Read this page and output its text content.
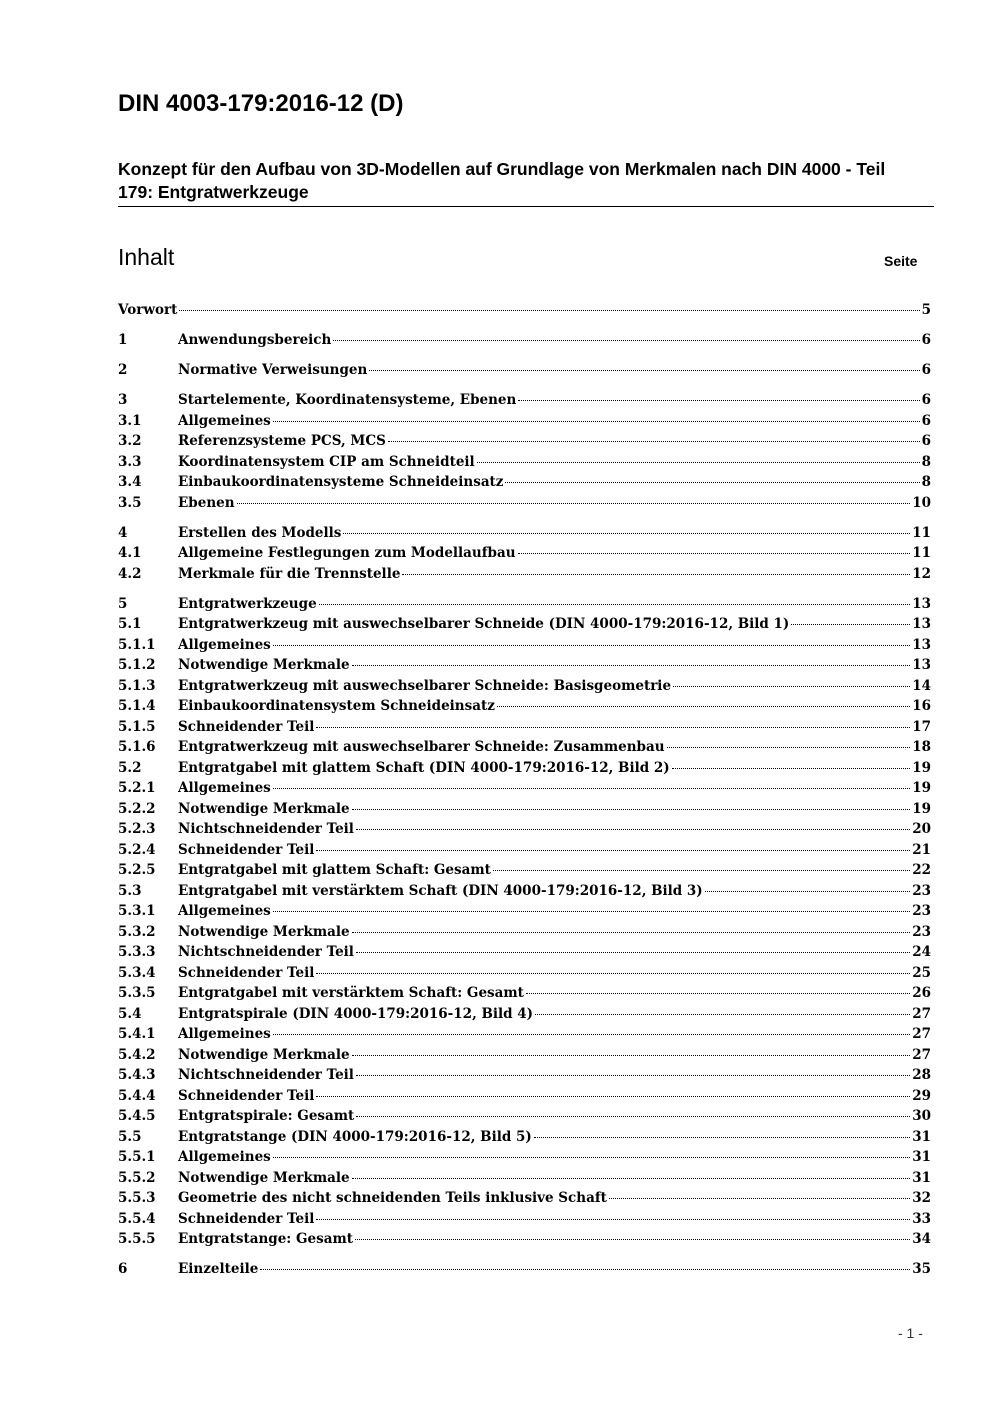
DIN 4003-179:2016-12 (D)
Konzept für den Aufbau von 3D-Modellen auf Grundlage von Merkmalen nach DIN 4000 - Teil 179: Entgratwerkzeuge
Inhalt	Seite
Vorwort	5
1	Anwendungsbereich	6
2	Normative Verweisungen	6
3	Startelemente, Koordinatensysteme, Ebenen	6
3.1	Allgemeines	6
3.2	Referenzsysteme PCS, MCS	6
3.3	Koordinatensystem CIP am Schneidteil	8
3.4	Einbaukoordinatensysteme Schneideinsatz	8
3.5	Ebenen	10
4	Erstellen des Modells	11
4.1	Allgemeine Festlegungen zum Modellaufbau	11
4.2	Merkmale für die Trennstelle	12
5	Entgratwerkzeuge	13
5.1	Entgratwerkzeug mit auswechselbarer Schneide (DIN 4000-179:2016-12, Bild 1)	13
5.1.1	Allgemeines	13
5.1.2	Notwendige Merkmale	13
5.1.3	Entgratwerkzeug mit auswechselbarer Schneide: Basisgeometrie	14
5.1.4	Einbaukoordinatensystem Schneideinsatz	16
5.1.5	Schneidender Teil	17
5.1.6	Entgratwerkzeug mit auswechselbarer Schneide: Zusammenbau	18
5.2	Entgratgabel mit glattem Schaft (DIN 4000-179:2016-12, Bild 2)	19
5.2.1	Allgemeines	19
5.2.2	Notwendige Merkmale	19
5.2.3	Nichtschneidender Teil	20
5.2.4	Schneidender Teil	21
5.2.5	Entgratgabel mit glattem Schaft: Gesamt	22
5.3	Entgratgabel mit verstärktem Schaft (DIN 4000-179:2016-12, Bild 3)	23
5.3.1	Allgemeines	23
5.3.2	Notwendige Merkmale	23
5.3.3	Nichtschneidender Teil	24
5.3.4	Schneidender Teil	25
5.3.5	Entgratgabel mit verstärktem Schaft: Gesamt	26
5.4	Entgratspirale (DIN 4000-179:2016-12, Bild 4)	27
5.4.1	Allgemeines	27
5.4.2	Notwendige Merkmale	27
5.4.3	Nichtschneidender Teil	28
5.4.4	Schneidender Teil	29
5.4.5	Entgratspirale: Gesamt	30
5.5	Entgratstange (DIN 4000-179:2016-12, Bild 5)	31
5.5.1	Allgemeines	31
5.5.2	Notwendige Merkmale	31
5.5.3	Geometrie des nicht schneidenden Teils inklusive Schaft	32
5.5.4	Schneidender Teil	33
5.5.5	Entgratstange: Gesamt	34
6	Einzelteile	35
- 1 -
